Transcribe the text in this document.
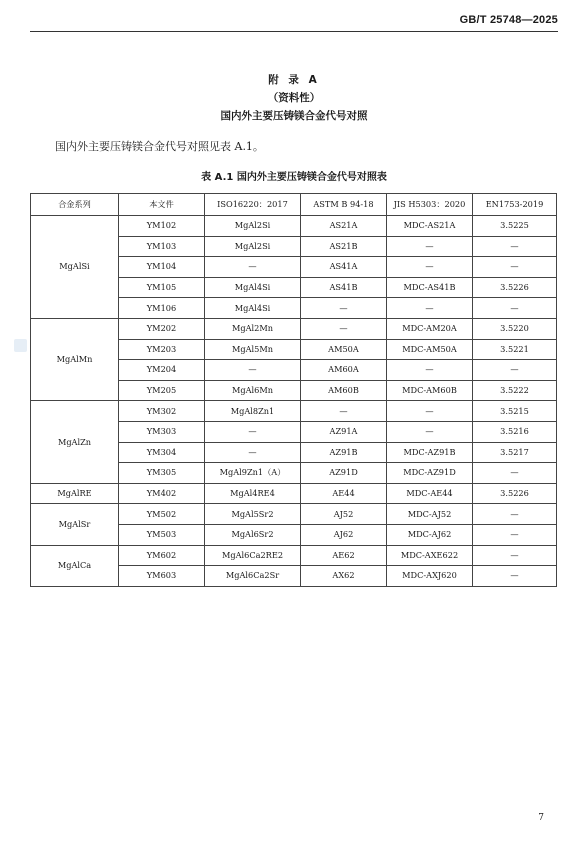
GB/T 25748—2025
附 录 A
（资料性）
国内外主要压铸镁合金代号对照
国内外主要压铸镁合金代号对照见表 A.1。
表 A.1 国内外主要压铸镁合金代号对照表
合金系列	本文件	ISO16220：2017	ASTM B 94-18	JIS H5303：2020	EN1753-2019
MgAlSi	YM102	MgAl2Si	AS21A	MDC-AS21A	3.5225
	YM103	MgAl2Si	AS21B	—	—
	YM104	—	AS41A	—	—
	YM105	MgAl4Si	AS41B	MDC-AS41B	3.5226
	YM106	MgAl4Si	—	—	—
MgAlMn	YM202	MgAl2Mn	—	MDC-AM20A	3.5220
	YM203	MgAl5Mn	AM50A	MDC-AM50A	3.5221
	YM204	—	AM60A	—	—
	YM205	MgAl6Mn	AM60B	MDC-AM60B	3.5222
MgAlZn	YM302	MgAl8Zn1	—	—	3.5215
	YM303	—	AZ91A	—	3.5216
	YM304	—	AZ91B	MDC-AZ91B	3.5217
	YM305	MgAl9Zn1（A）	AZ91D	MDC-AZ91D	—
MgAlRE	YM402	MgAl4RE4	AE44	MDC-AE44	3.5226
MgAlSr	YM502	MgAl5Sr2	AJ52	MDC-AJ52	—
	YM503	MgAl6Sr2	AJ62	MDC-AJ62	—
MgAlCa	YM602	MgAl6Ca2RE2	AE62	MDC-AXE622	—
	YM603	MgAl6Ca2Sr	AX62	MDC-AXJ620	—
7
